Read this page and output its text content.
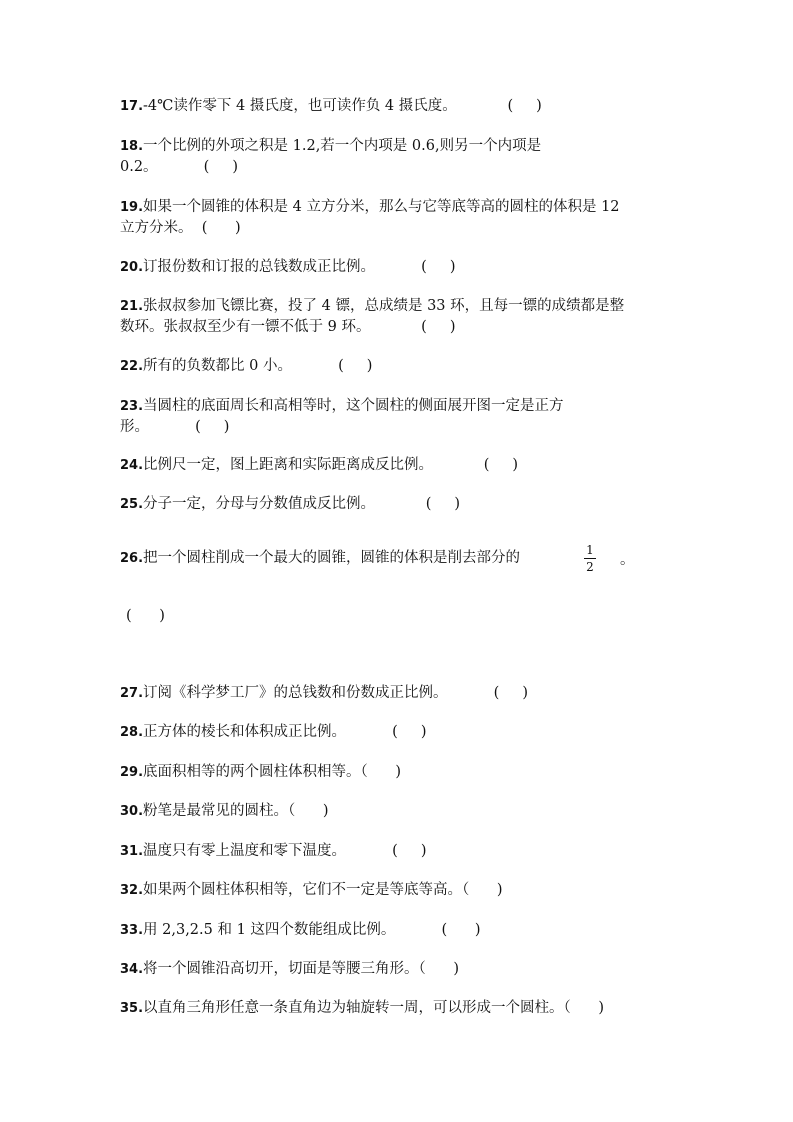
17.-4℃读作零下 4 摄氏度，也可读作负 4 摄氏度。           (     )
18.一个比例的外项之积是 1.2,若一个内项是 0.6,则另一个内项是
0.2。          (     )
19.如果一个圆锥的体积是 4 立方分米，那么与它等底等高的圆柱的体积是 12
立方分米。  (      )
20.订报份数和订报的总钱数成正比例。          (     )
21.张叔叔参加飞镖比赛，投了 4 镖，总成绩是 33 环，且每一镖的成绩都是整
数环。张叔叔至少有一镖不低于 9 环。           (     )
22.所有的负数都比 0 小。          (     )
23.当圆柱的底面周长和高相等时，这个圆柱的侧面展开图一定是正方
形。          (     )
24.比例尺一定，图上距离和实际距离成反比例。           (     )
25.分子一定，分母与分数值成反比例。           (     )
26.把一个圆柱削成一个最大的圆锥，圆锥的体积是削去部分的	1
2 。
(      )
27.订阅《科学梦工厂》的总钱数和份数成正比例。          (     )
28.正方体的棱长和体积成正比例。          (     )
29.底面积相等的两个圆柱体积相等。（      )
30.粉笔是最常见的圆柱。（      )
31.温度只有零上温度和零下温度。          (     )
32.如果两个圆柱体积相等，它们不一定是等底等高。（      )
33.用 2,3,2.5 和 1 这四个数能组成比例。          (      )
34.将一个圆锥沿高切开，切面是等腰三角形。（      )
35.以直角三角形任意一条直角边为轴旋转一周，可以形成一个圆柱。（      )
